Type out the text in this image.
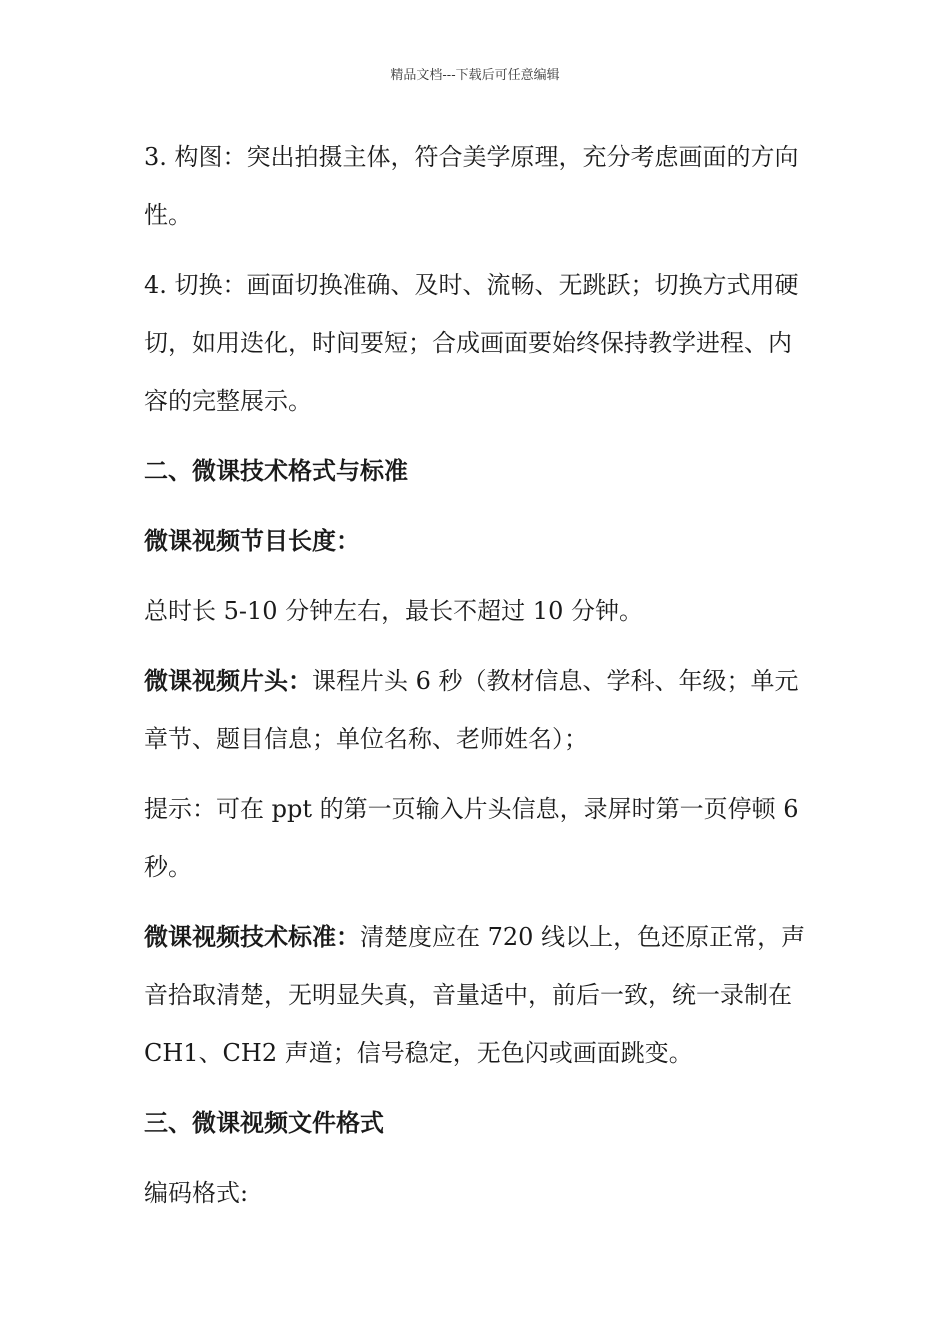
精品文档---下载后可任意编辑

3. 构图：突出拍摄主体，符合美学原理，充分考虑画面的方向性。

4. 切换：画面切换准确、及时、流畅、无跳跃；切换方式用硬切，如用迭化，时间要短；合成画面要始终保持教学进程、内容的完整展示。

二、微课技术格式与标准

微课视频节目长度：

总时长 5-10 分钟左右，最长不超过 10 分钟。

微课视频片头：课程片头 6 秒（教材信息、学科、年级；单元章节、题目信息；单位名称、老师姓名）；

提示：可在 ppt 的第一页输入片头信息，录屏时第一页停顿 6 秒。

微课视频技术标准：清楚度应在 720 线以上，色还原正常，声音拾取清楚，无明显失真，音量适中，前后一致，统一录制在 CH1、CH2 声道；信号稳定，无色闪或画面跳变。

三、微课视频文件格式

编码格式:
